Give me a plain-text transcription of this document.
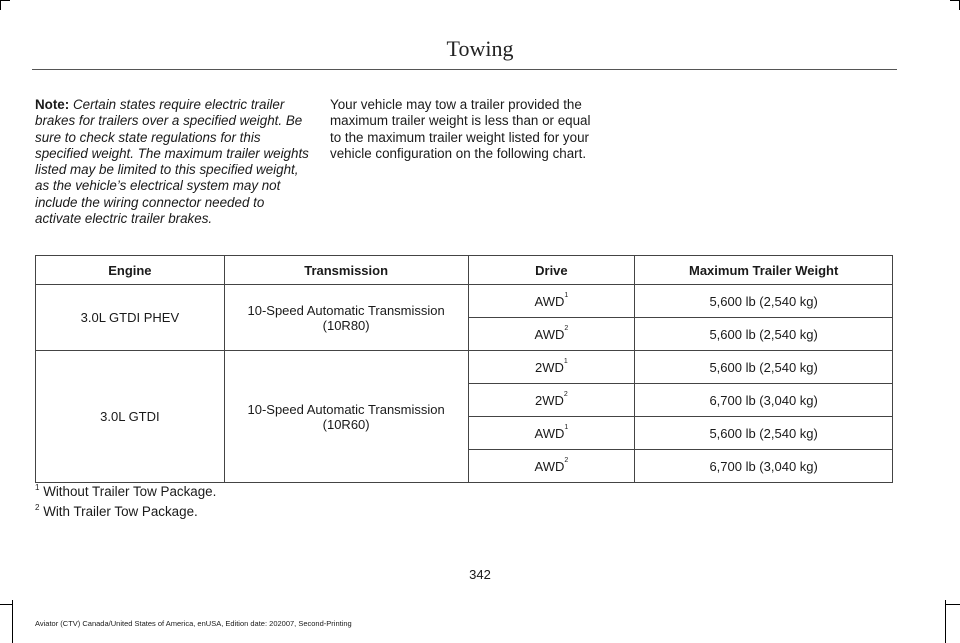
Towing
Note: Certain states require electric trailer brakes for trailers over a specified weight. Be sure to check state regulations for this specified weight. The maximum trailer weights listed may be limited to this specified weight, as the vehicle’s electrical system may not include the wiring connector needed to activate electric trailer brakes.
Your vehicle may tow a trailer provided the maximum trailer weight is less than or equal to the maximum trailer weight listed for your vehicle configuration on the following chart.
Engine	Transmission	Drive	Maximum Trailer Weight
3.0L GTDI PHEV	10-Speed Automatic Transmission (10R80)	AWD$^1$	5,600 lb (2,540 kg)
		AWD$^2$	5,600 lb (2,540 kg)
3.0L GTDI	10-Speed Automatic Transmission (10R60)	$2WD^1$	5,600 lb (2,540 kg)
		$2WD^2$	6,700 lb (3,040 kg)
		AWD$^1$	5,600 lb (2,540 kg)
		AWD$^2$	6,700 lb (3,040 kg)
$^1$ Without Trailer Tow Package.
$^2$ With Trailer Tow Package.
342
Aviator (CTV) Canada/United States of America, enUSA, Edition date: 202007, Second-Printing
